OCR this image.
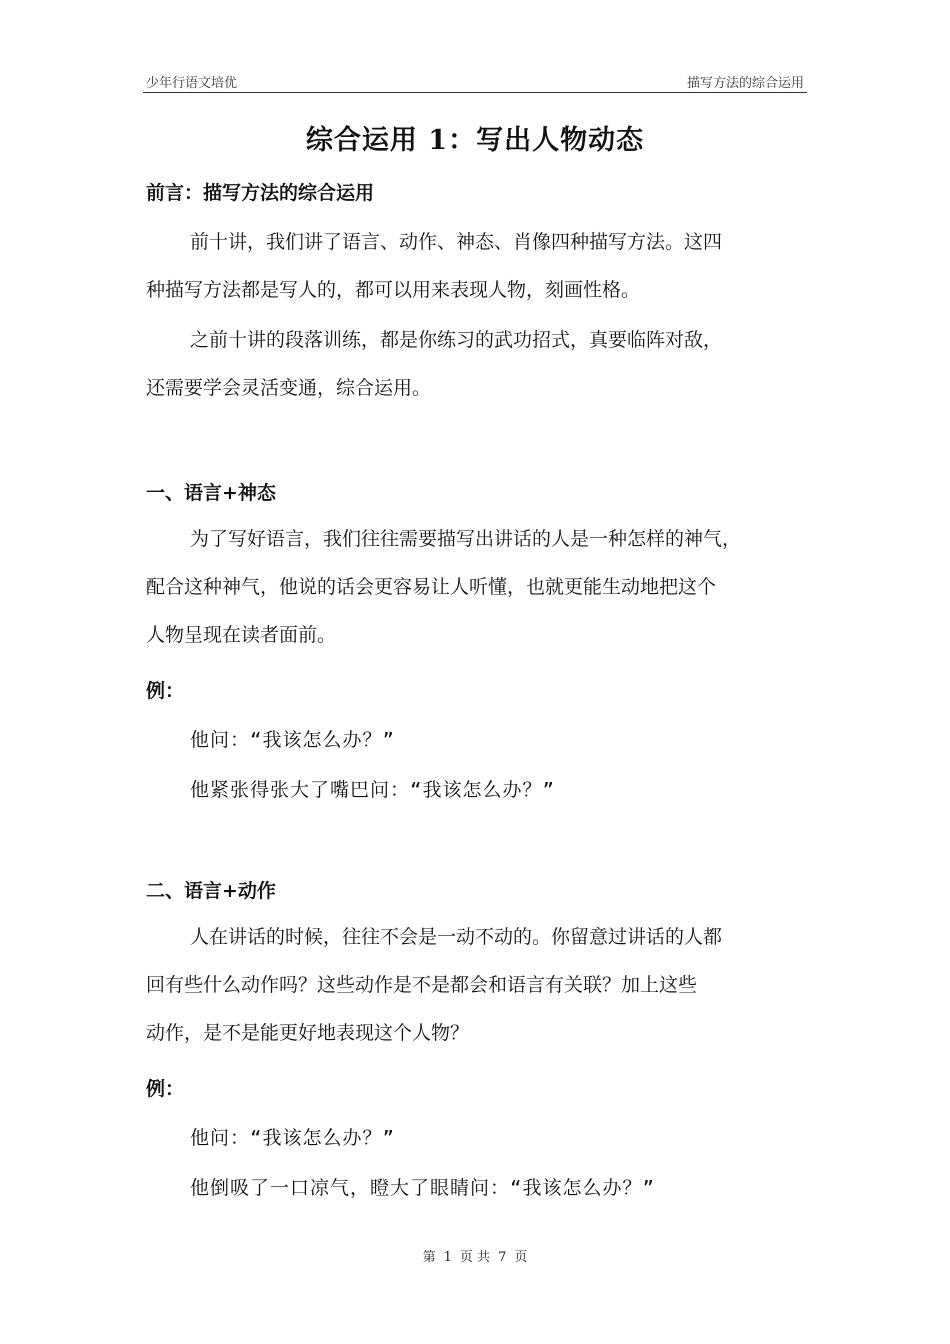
少年行语文培优	描写方法的综合运用
综合运用 1：写出人物动态
前言：描写方法的综合运用
前十讲，我们讲了语言、动作、神态、肖像四种描写方法。这四
种描写方法都是写人的，都可以用来表现人物，刻画性格。
之前十讲的段落训练，都是你练习的武功招式，真要临阵对敌，
还需要学会灵活变通，综合运用。
一、语言+神态
为了写好语言，我们往往需要描写出讲话的人是一种怎样的神气，
配合这种神气，他说的话会更容易让人听懂，也就更能生动地把这个
人物呈现在读者面前。
例：
他问：“我该怎么办？”
他紧张得张大了嘴巴问：“我该怎么办？”
二、语言+动作
人在讲话的时候，往往不会是一动不动的。你留意过讲话的人都
回有些什么动作吗？这些动作是不是都会和语言有关联？加上这些
动作，是不是能更好地表现这个人物？
例：
他问：“我该怎么办？”
他倒吸了一口凉气，瞪大了眼睛问：“我该怎么办？”
第 1 页 共 7 页
